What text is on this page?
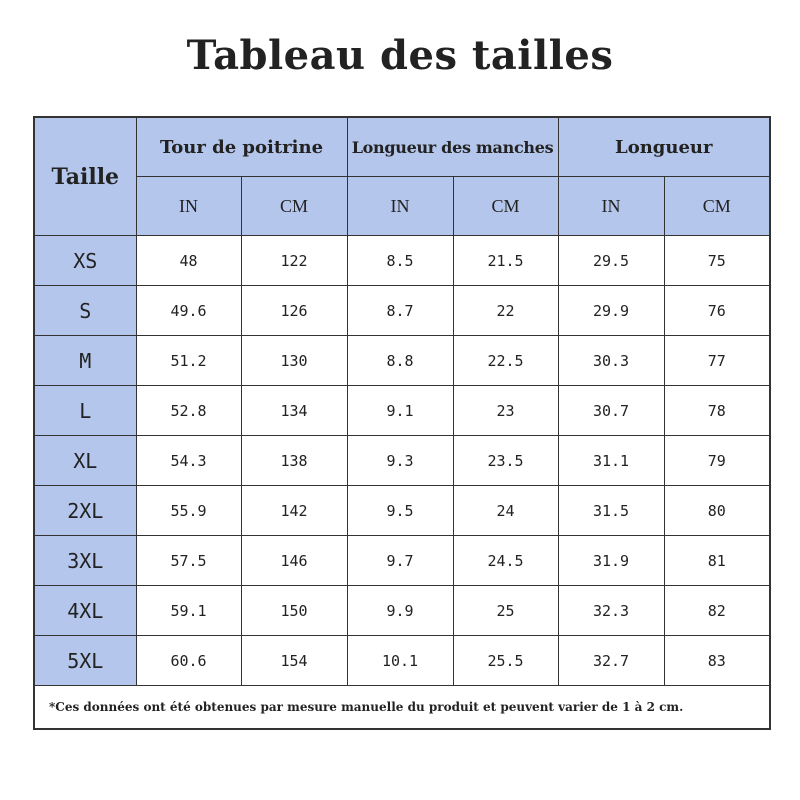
Tableau des tailles
Taille	Tour de poitrine		Longueur des manches		Longueur	
	IN	CM	IN	CM	IN	CM
XS	48	122	8.5	21.5	29.5	75
S	49.6	126	8.7	22	29.9	76
M	51.2	130	8.8	22.5	30.3	77
L	52.8	134	9.1	23	30.7	78
XL	54.3	138	9.3	23.5	31.1	79
2XL	55.9	142	9.5	24	31.5	80
3XL	57.5	146	9.7	24.5	31.9	81
4XL	59.1	150	9.9	25	32.3	82
5XL	60.6	154	10.1	25.5	32.7	83
*Ces données ont été obtenues par mesure manuelle du produit et peuvent varier de 1 à 2 cm.						
